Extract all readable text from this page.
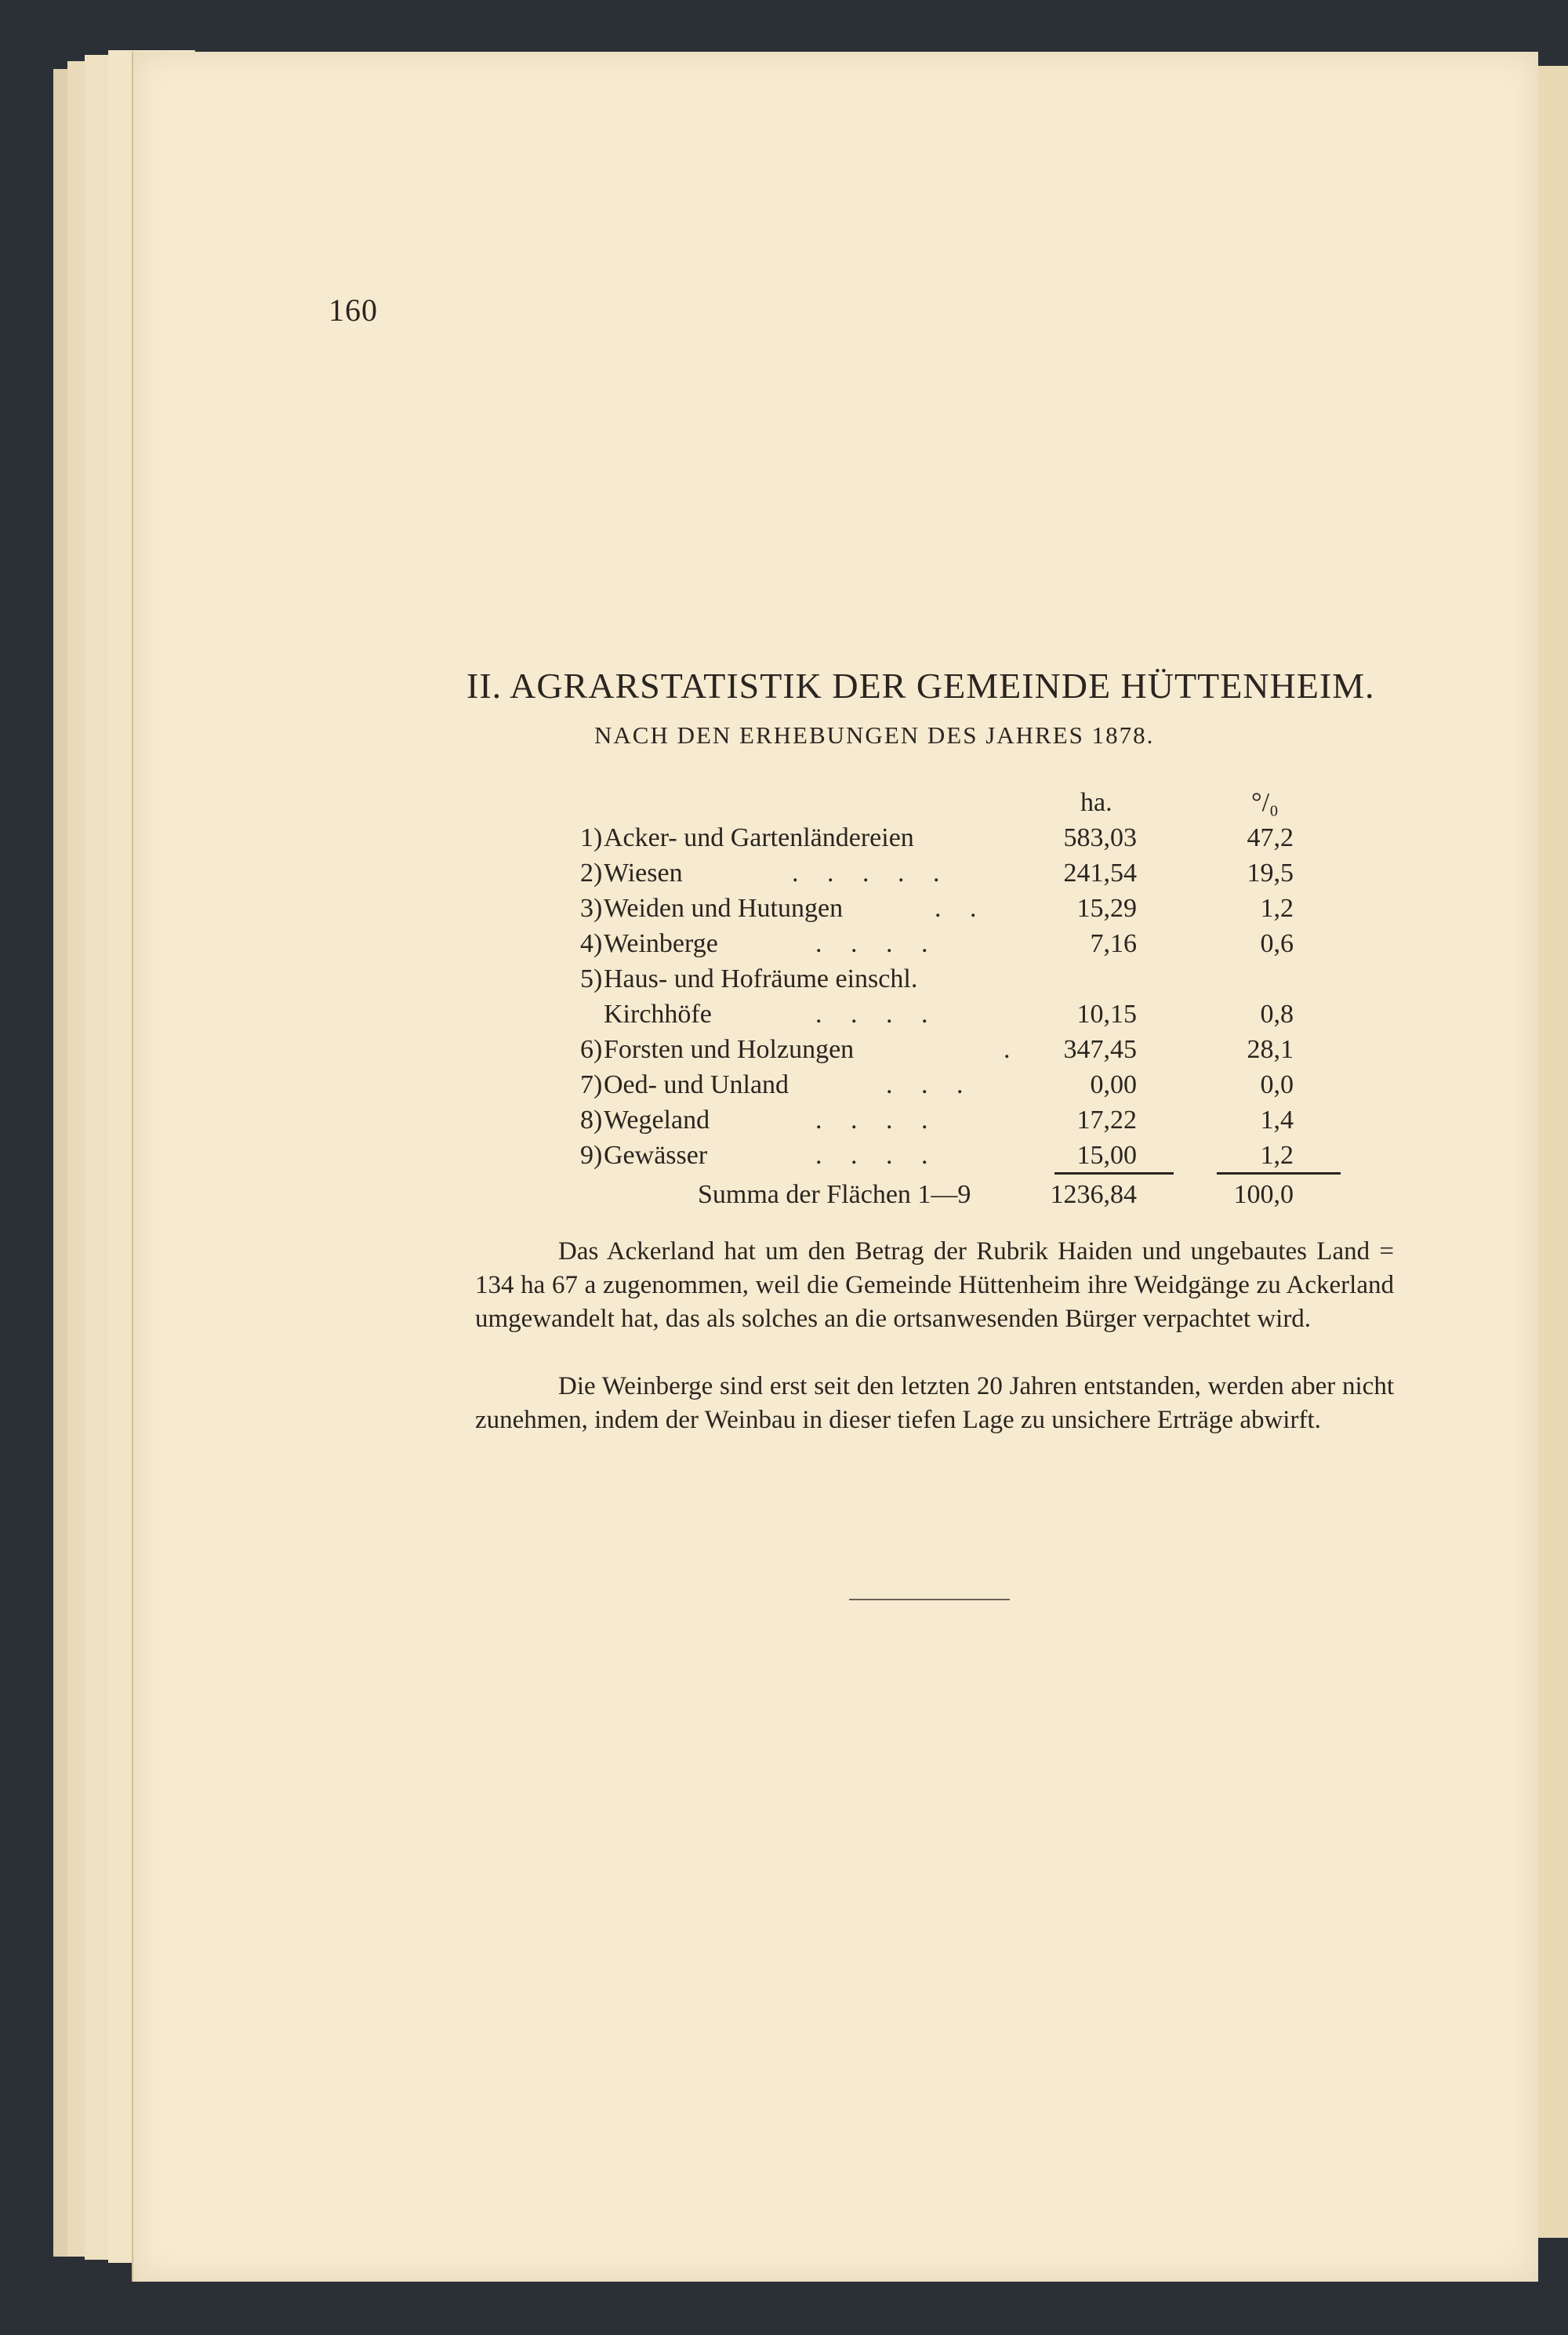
160
II. AGRARSTATISTIK DER GEMEINDE HÜTTENHEIM.
NACH DEN ERHEBUNGEN DES JAHRES 1878.
ha.	°/₀
1) Acker- und Gartenländereien	583,03	47,2
2) Wiesen	. . . . .	241,54	19,5
3) Weiden und Hutungen	. .	15,29	1,2
4) Weinberge	. . . .	7,16	0,6
5) Haus- und Hofräume einschl.
Kirchhöfe	. . . .	10,15	0,8
6) Forsten und Holzungen	.	347,45	28,1
7) Oed- und Unland	. . .	0,00	0,0
8) Wegeland	. . . .	17,22	1,4
9) Gewässer	. . . .	15,00	1,2
Summa der Flächen 1—9	1236,84	100,0
Das Ackerland hat um den Betrag der Rubrik Haiden und ungebautes Land = 134 ha 67 a zugenommen, weil die Gemeinde Hüttenheim ihre Weidgänge zu Ackerland umgewandelt hat, das als solches an die ortsanwesenden Bürger verpachtet wird.
Die Weinberge sind erst seit den letzten 20 Jahren entstanden, werden aber nicht zunehmen, indem der Weinbau in dieser tiefen Lage zu unsichere Erträge abwirft.
